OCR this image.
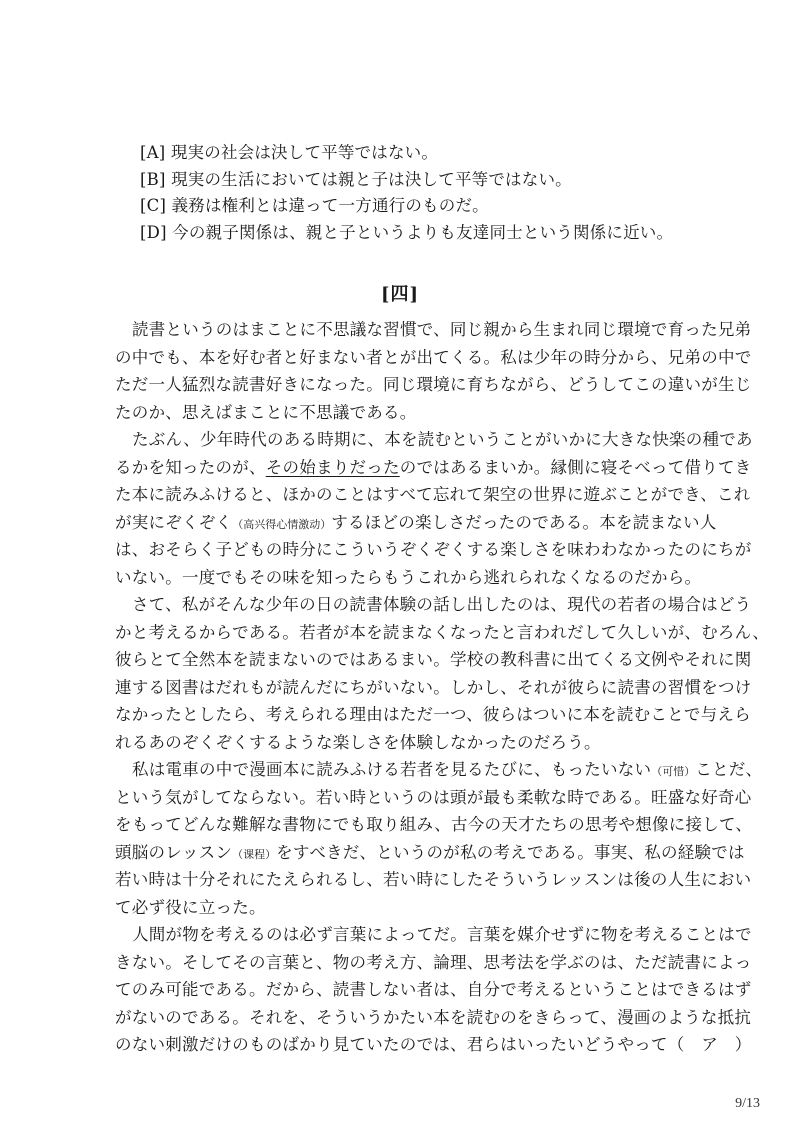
[A] 現実の社会は決して平等ではない。
[B] 現実の生活においては親と子は決して平等ではない。
[C] 義務は権利とは違って一方通行のものだ。
[D] 今の親子関係は、親と子というよりも友達同士という関係に近い。
[四]
読書というのはまことに不思議な習慣で、同じ親から生まれ同じ環境で育った兄弟
の中でも、本を好む者と好まない者とが出てくる。私は少年の時分から、兄弟の中で
ただ一人猛烈な読書好きになった。同じ環境に育ちながら、どうしてこの違いが生じ
たのか、思えばまことに不思議である。
たぶん、少年時代のある時期に、本を読むということがいかに大きな快楽の種であ
るかを知ったのが、その始まりだったのではあるまいか。縁側に寝そべって借りてき
た本に読みふけると、ほかのことはすべて忘れて架空の世界に遊ぶことができ、これ
が実にぞくぞく（高兴得心情激动）するほどの楽しさだったのである。本を読まない人
は、おそらく子どもの時分にこういうぞくぞくする楽しさを味わわなかったのにちが
いない。一度でもその味を知ったらもうこれから逃れられなくなるのだから。
さて、私がそんな少年の日の読書体験の話し出したのは、現代の若者の場合はどう
かと考えるからである。若者が本を読まなくなったと言われだして久しいが、むろん、
彼らとて全然本を読まないのではあるまい。学校の教科書に出てくる文例やそれに関
連する図書はだれもが読んだにちがいない。しかし、それが彼らに読書の習慣をつけ
なかったとしたら、考えられる理由はただ一つ、彼らはついに本を読むことで与えら
れるあのぞくぞくするような楽しさを体験しなかったのだろう。
私は電車の中で漫画本に読みふける若者を見るたびに、もったいない（可惜）ことだ、
という気がしてならない。若い時というのは頭が最も柔軟な時である。旺盛な好奇心
をもってどんな難解な書物にでも取り組み、古今の天才たちの思考や想像に接して、
頭脳のレッスン（课程）をすべきだ、というのが私の考えである。事実、私の経験では
若い時は十分それにたえられるし、若い時にしたそういうレッスンは後の人生におい
て必ず役に立った。
人間が物を考えるのは必ず言葉によってだ。言葉を媒介せずに物を考えることはで
きない。そしてその言葉と、物の考え方、論理、思考法を学ぶのは、ただ読書によっ
てのみ可能である。だから、読書しない者は、自分で考えるということはできるはず
がないのである。それを、そういうかたい本を読むのをきらって、漫画のような抵抗
のない刺激だけのものばかり見ていたのでは、君らはいったいどうやって（　ア　）
9/13
